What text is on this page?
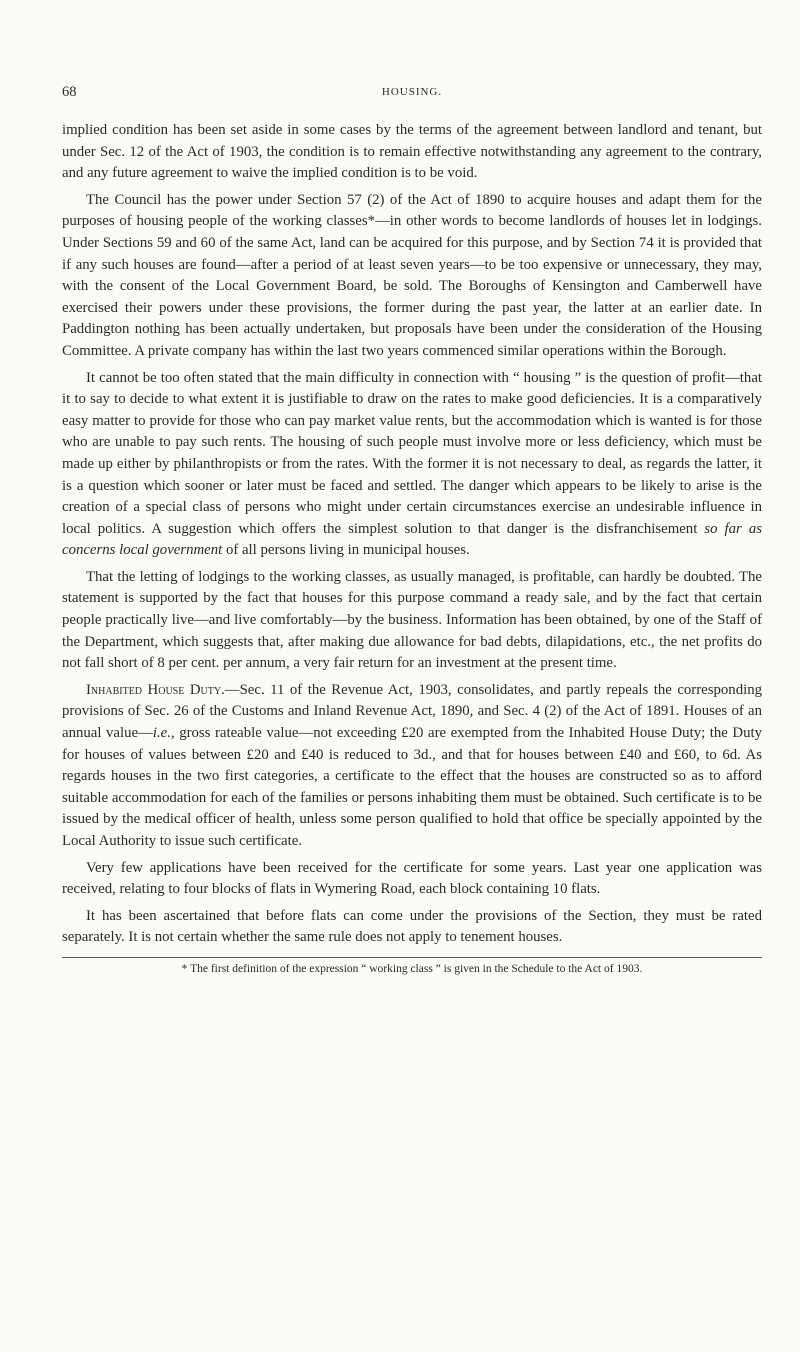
68	HOUSING.

implied condition has been set aside in some cases by the terms of the agreement between landlord and tenant, but under Sec. 12 of the Act of 1903, the condition is to remain effective notwithstanding any agreement to the contrary, and any future agreement to waive the implied condition is to be void.

The Council has the power under Section 57 (2) of the Act of 1890 to acquire houses and adapt them for the purposes of housing people of the working classes*—in other words to become landlords of houses let in lodgings. Under Sections 59 and 60 of the same Act, land can be acquired for this purpose, and by Section 74 it is provided that if any such houses are found—after a period of at least seven years—to be too expensive or unnecessary, they may, with the consent of the Local Government Board, be sold. The Boroughs of Kensington and Camberwell have exercised their powers under these provisions, the former during the past year, the latter at an earlier date. In Paddington nothing has been actually undertaken, but proposals have been under the consideration of the Housing Committee. A private company has within the last two years commenced similar operations within the Borough.

It cannot be too often stated that the main difficulty in connection with “ housing ” is the question of profit—that it to say to decide to what extent it is justifiable to draw on the rates to make good deficiencies. It is a comparatively easy matter to provide for those who can pay market value rents, but the accommodation which is wanted is for those who are unable to pay such rents. The housing of such people must involve more or less deficiency, which must be made up either by philanthropists or from the rates. With the former it is not necessary to deal, as regards the latter, it is a question which sooner or later must be faced and settled. The danger which appears to be likely to arise is the creation of a special class of persons who might under certain circumstances exercise an undesirable influence in local politics. A suggestion which offers the simplest solution to that danger is the disfranchisement so far as concerns local government of all persons living in municipal houses.

That the letting of lodgings to the working classes, as usually managed, is profitable, can hardly be doubted. The statement is supported by the fact that houses for this purpose command a ready sale, and by the fact that certain people practically live—and live comfortably—by the business. Information has been obtained, by one of the Staff of the Department, which suggests that, after making due allowance for bad debts, dilapidations, etc., the net profits do not fall short of 8 per cent. per annum, a very fair return for an investment at the present time.

Inhabited House Duty.—Sec. 11 of the Revenue Act, 1903, consolidates, and partly repeals the corresponding provisions of Sec. 26 of the Customs and Inland Revenue Act, 1890, and Sec. 4 (2) of the Act of 1891. Houses of an annual value—i.e., gross rateable value—not exceeding £20 are exempted from the Inhabited House Duty; the Duty for houses of values between £20 and £40 is reduced to 3d., and that for houses between £40 and £60, to 6d. As regards houses in the two first categories, a certificate to the effect that the houses are constructed so as to afford suitable accommodation for each of the families or persons inhabiting them must be obtained. Such certificate is to be issued by the medical officer of health, unless some person qualified to hold that office be specially appointed by the Local Authority to issue such certificate.

Very few applications have been received for the certificate for some years. Last year one application was received, relating to four blocks of flats in Wymering Road, each block containing 10 flats.

It has been ascertained that before flats can come under the provisions of the Section, they must be rated separately. It is not certain whether the same rule does not apply to tenement houses.

* The first definition of the expression “ working class ” is given in the Schedule to the Act of 1903.
